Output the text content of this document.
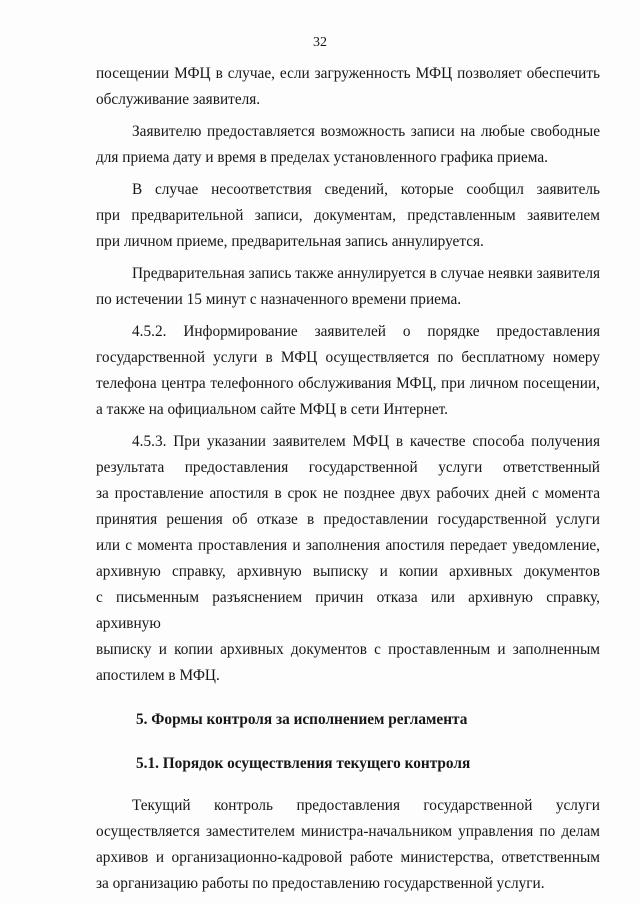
32

посещении МФЦ в случае, если загруженность МФЦ позволяет обеспечить

обслуживание заявителя.

Заявителю предоставляется возможность записи на любые свободные

для приема дату и время в пределах установленного графика приема.

В случае несоответствия сведений, которые сообщил заявитель

при предварительной записи, документам, представленным заявителем

при личном приеме, предварительная запись аннулируется.

Предварительная запись также аннулируется в случае неявки заявителя

по истечении 15 минут с назначенного времени приема.

4.5.2. Информирование заявителей о порядке предоставления

государственной услуги в МФЦ осуществляется по бесплатному номеру

телефона центра телефонного обслуживания МФЦ, при личном посещении,

а также на официальном сайте МФЦ в сети Интернет.

4.5.3. При указании заявителем МФЦ в качестве способа получения

результата предоставления государственной услуги ответственный

за проставление апостиля в срок не позднее двух рабочих дней с момента

принятия решения об отказе в предоставлении государственной услуги

или с момента проставления и заполнения апостиля передает уведомление,

архивную справку, архивную выписку и копии архивных документов

с письменным разъяснением причин отказа или архивную справку, архивную

выписку и копии архивных документов с проставленным и заполненным

апостилем в МФЦ.

5. Формы контроля за исполнением регламента
5.1. Порядок осуществления текущего контроля

Текущий контроль предоставления государственной услуги

осуществляется заместителем министра-начальником управления по делам

архивов и организационно-кадровой работе министерства, ответственным

за организацию работы по предоставлению государственной услуги.
